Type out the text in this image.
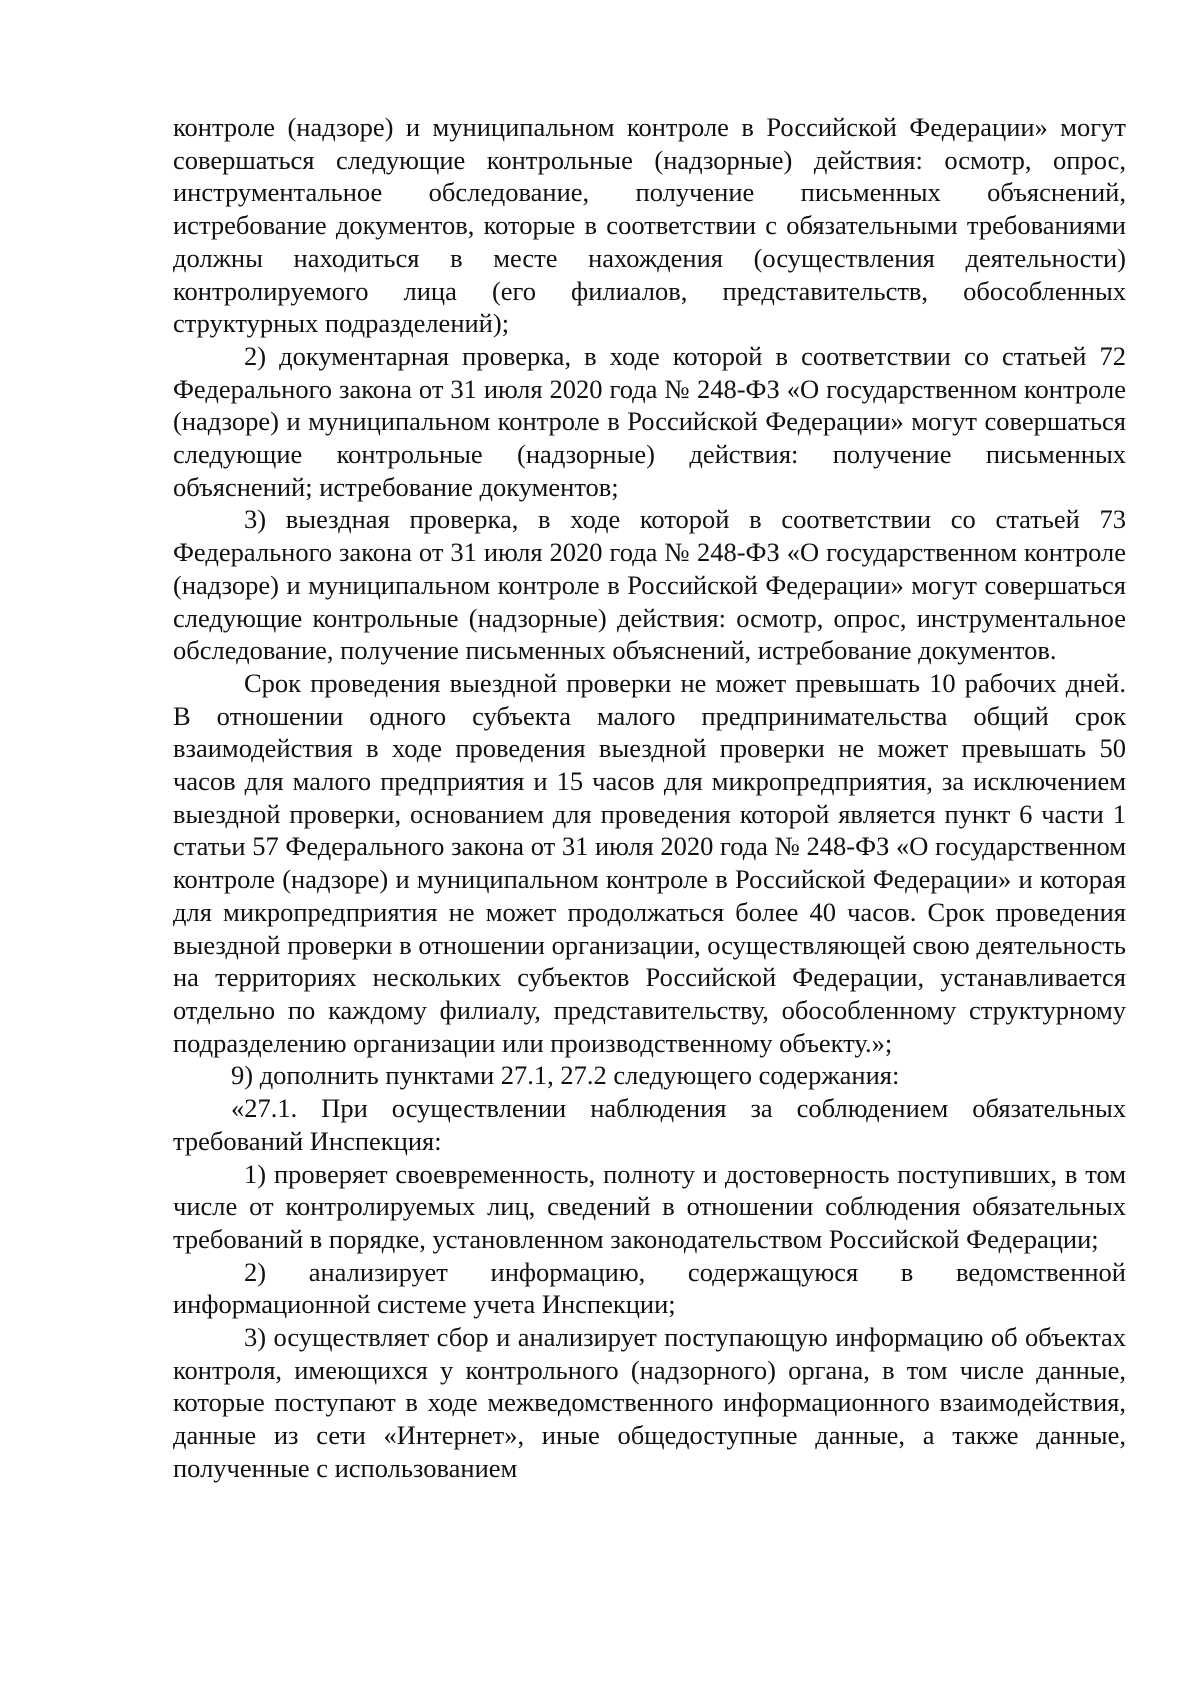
контроле (надзоре) и муниципальном контроле в Российской Федерации» могут совершаться следующие контрольные (надзорные) действия: осмотр, опрос, инструментальное обследование, получение письменных объяснений, истребование документов, которые в соответствии с обязательными требованиями должны находиться в месте нахождения (осуществления деятельности) контролируемого лица (его филиалов, представительств, обособленных структурных подразделений);

2) документарная проверка, в ходе которой в соответствии со статьей 72 Федерального закона от 31 июля 2020 года № 248-ФЗ «О государственном контроле (надзоре) и муниципальном контроле в Российской Федерации» могут совершаться следующие контрольные (надзорные) действия: получение письменных объяснений; истребование документов;

3) выездная проверка, в ходе которой в соответствии со статьей 73 Федерального закона от 31 июля 2020 года № 248-ФЗ «О государственном контроле (надзоре) и муниципальном контроле в Российской Федерации» могут совершаться следующие контрольные (надзорные) действия: осмотр, опрос, инструментальное обследование, получение письменных объяснений, истребование документов.

Срок проведения выездной проверки не может превышать 10 рабочих дней. В отношении одного субъекта малого предпринимательства общий срок взаимодействия в ходе проведения выездной проверки не может превышать 50 часов для малого предприятия и 15 часов для микропредприятия, за исключением выездной проверки, основанием для проведения которой является пункт 6 части 1 статьи 57 Федерального закона от 31 июля 2020 года № 248-ФЗ «О государственном контроле (надзоре) и муниципальном контроле в Российской Федерации» и которая для микропредприятия не может продолжаться более 40 часов. Срок проведения выездной проверки в отношении организации, осуществляющей свою деятельность на территориях нескольких субъектов Российской Федерации, устанавливается отдельно по каждому филиалу, представительству, обособленному структурному подразделению организации или производственному объекту.»;

9) дополнить пунктами 27.1, 27.2 следующего содержания:

«27.1. При осуществлении наблюдения за соблюдением обязательных требований Инспекция:

1) проверяет своевременность, полноту и достоверность поступивших, в том числе от контролируемых лиц, сведений в отношении соблюдения обязательных требований в порядке, установленном законодательством Российской Федерации;

2) анализирует информацию, содержащуюся в ведомственной информационной системе учета Инспекции;

3) осуществляет сбор и анализирует поступающую информацию об объектах контроля, имеющихся у контрольного (надзорного) органа, в том числе данные, которые поступают в ходе межведомственного информационного взаимодействия, данные из сети «Интернет», иные общедоступные данные, а также данные, полученные с использованием
